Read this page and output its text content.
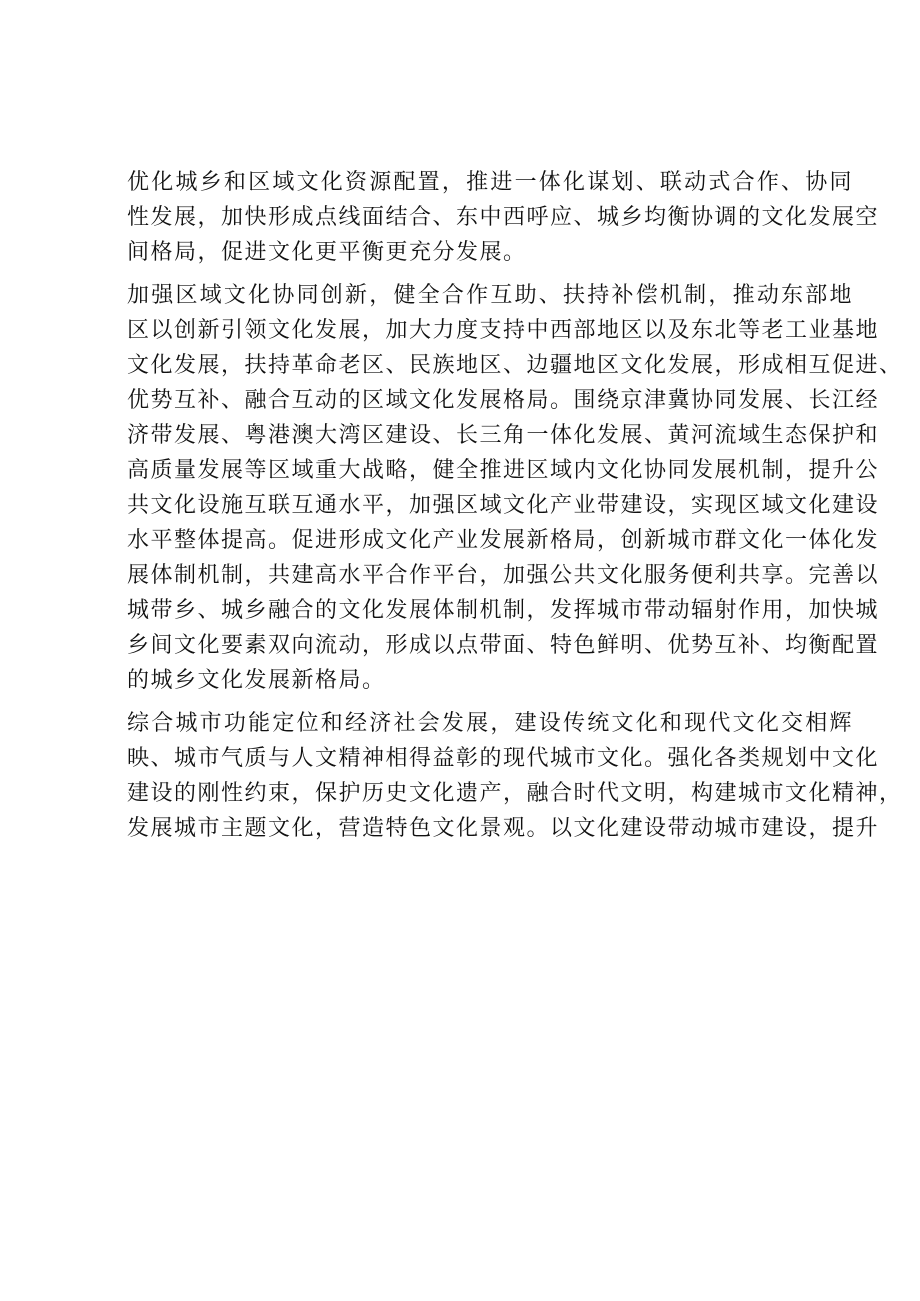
优化城乡和区域文化资源配置，推进一体化谋划、联动式合作、协同
性发展，加快形成点线面结合、东中西呼应、城乡均衡协调的文化发展空
间格局，促进文化更平衡更充分发展。

加强区域文化协同创新，健全合作互助、扶持补偿机制，推动东部地
区以创新引领文化发展，加大力度支持中西部地区以及东北等老工业基地
文化发展，扶持革命老区、民族地区、边疆地区文化发展，形成相互促进、
优势互补、融合互动的区域文化发展格局。围绕京津冀协同发展、长江经
济带发展、粤港澳大湾区建设、长三角一体化发展、黄河流域生态保护和
高质量发展等区域重大战略，健全推进区域内文化协同发展机制，提升公
共文化设施互联互通水平，加强区域文化产业带建设，实现区域文化建设
水平整体提高。促进形成文化产业发展新格局，创新城市群文化一体化发
展体制机制，共建高水平合作平台，加强公共文化服务便利共享。完善以
城带乡、城乡融合的文化发展体制机制，发挥城市带动辐射作用，加快城
乡间文化要素双向流动，形成以点带面、特色鲜明、优势互补、均衡配置
的城乡文化发展新格局。

综合城市功能定位和经济社会发展，建设传统文化和现代文化交相辉
映、城市气质与人文精神相得益彰的现代城市文化。强化各类规划中文化
建设的刚性约束，保护历史文化遗产，融合时代文明，构建城市文化精神，
发展城市主题文化，营造特色文化景观。以文化建设带动城市建设，提升
